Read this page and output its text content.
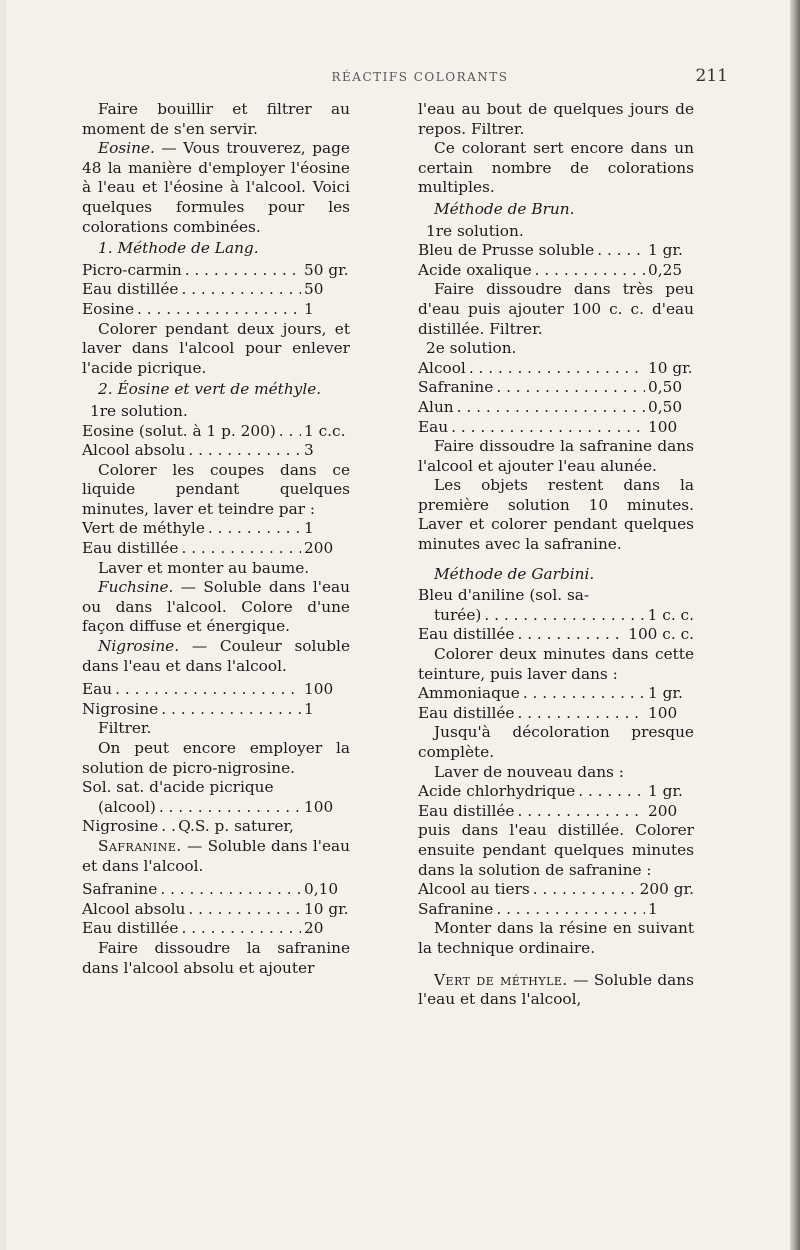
RÉACTIFS COLORANTS	211

Faire bouillir et filtrer au moment de s'en servir.

Eosine. — Vous trouverez, page 48 la manière d'employer l'éosine à l'eau et l'éosine à l'alcool. Voici quelques formules pour les colorations combinées.

1. Méthode de Lang.

Picro-carmin . . .	50 gr.
Eau distillée . . .	50
Eosine . . .	1

Colorer pendant deux jours, et laver dans l'alcool pour enlever l'acide picrique.

2. Éosine et vert de méthyle.

1re solution.

Eosine (solut. à 1 p. 200) . . . 1 c.c.
Alcool absolu . . .	3

Colorer les coupes dans ce liquide pendant quelques minutes, laver et teindre par :

Vert de méthyle . . .	1
Eau distillée . . .	200

Laver et monter au baume.

Fuchsine. — Soluble dans l'eau ou dans l'alcool. Colore d'une façon diffuse et énergique.

Nigrosine. — Couleur soluble dans l'eau et dans l'alcool.

Eau . . .	100
Nigrosine . . .	1

Filtrer.

On peut encore employer la solution de picro-nigrosine.

Sol. sat. d'acide picrique

(alcool) . . .	100
Nigrosine . . . Q.S. p. saturer,

Safranine. — Soluble dans l'eau et dans l'alcool.

Safranine . . .	0,10
Alcool absolu . . .	10 gr.
Eau distillée . . .	20

Faire dissoudre la safranine dans l'alcool absolu et ajouter

l'eau au bout de quelques jours de repos. Filtrer.

Ce colorant sert encore dans un certain nombre de colorations multiples.

Méthode de Brun.

1re solution.

Bleu de Prusse soluble . . .	1 gr.
Acide oxalique . . .	0,25

Faire dissoudre dans très peu d'eau puis ajouter 100 c. c. d'eau distillée. Filtrer.

2e solution.

Alcool . . .	10 gr.
Safranine . . .	0,50
Alun . . .	0,50
Eau . . .	100

Faire dissoudre la safranine dans l'alcool et ajouter l'eau alunée.

Les objets restent dans la première solution 10 minutes. Laver et colorer pendant quelques minutes avec la safranine.

Méthode de Garbini.

Bleu d'aniline (sol. sa-

turée) . . .	1 c. c.
Eau distillée . . .	100 c. c.

Colorer deux minutes dans cette teinture, puis laver dans :

Ammoniaque . . .	1 gr.
Eau distillée . . .	100

Jusqu'à décoloration presque complète.

Laver de nouveau dans :

Acide chlorhydrique . . .	1 gr.
Eau distillée . . .	200

puis dans l'eau distillée. Colorer ensuite pendant quelques minutes dans la solution de safranine :

Alcool au tiers . . .	200 gr.
Safranine . . .	1

Monter dans la résine en suivant la technique ordinaire.

Vert de méthyle. — Soluble dans l'eau et dans l'alcool,
